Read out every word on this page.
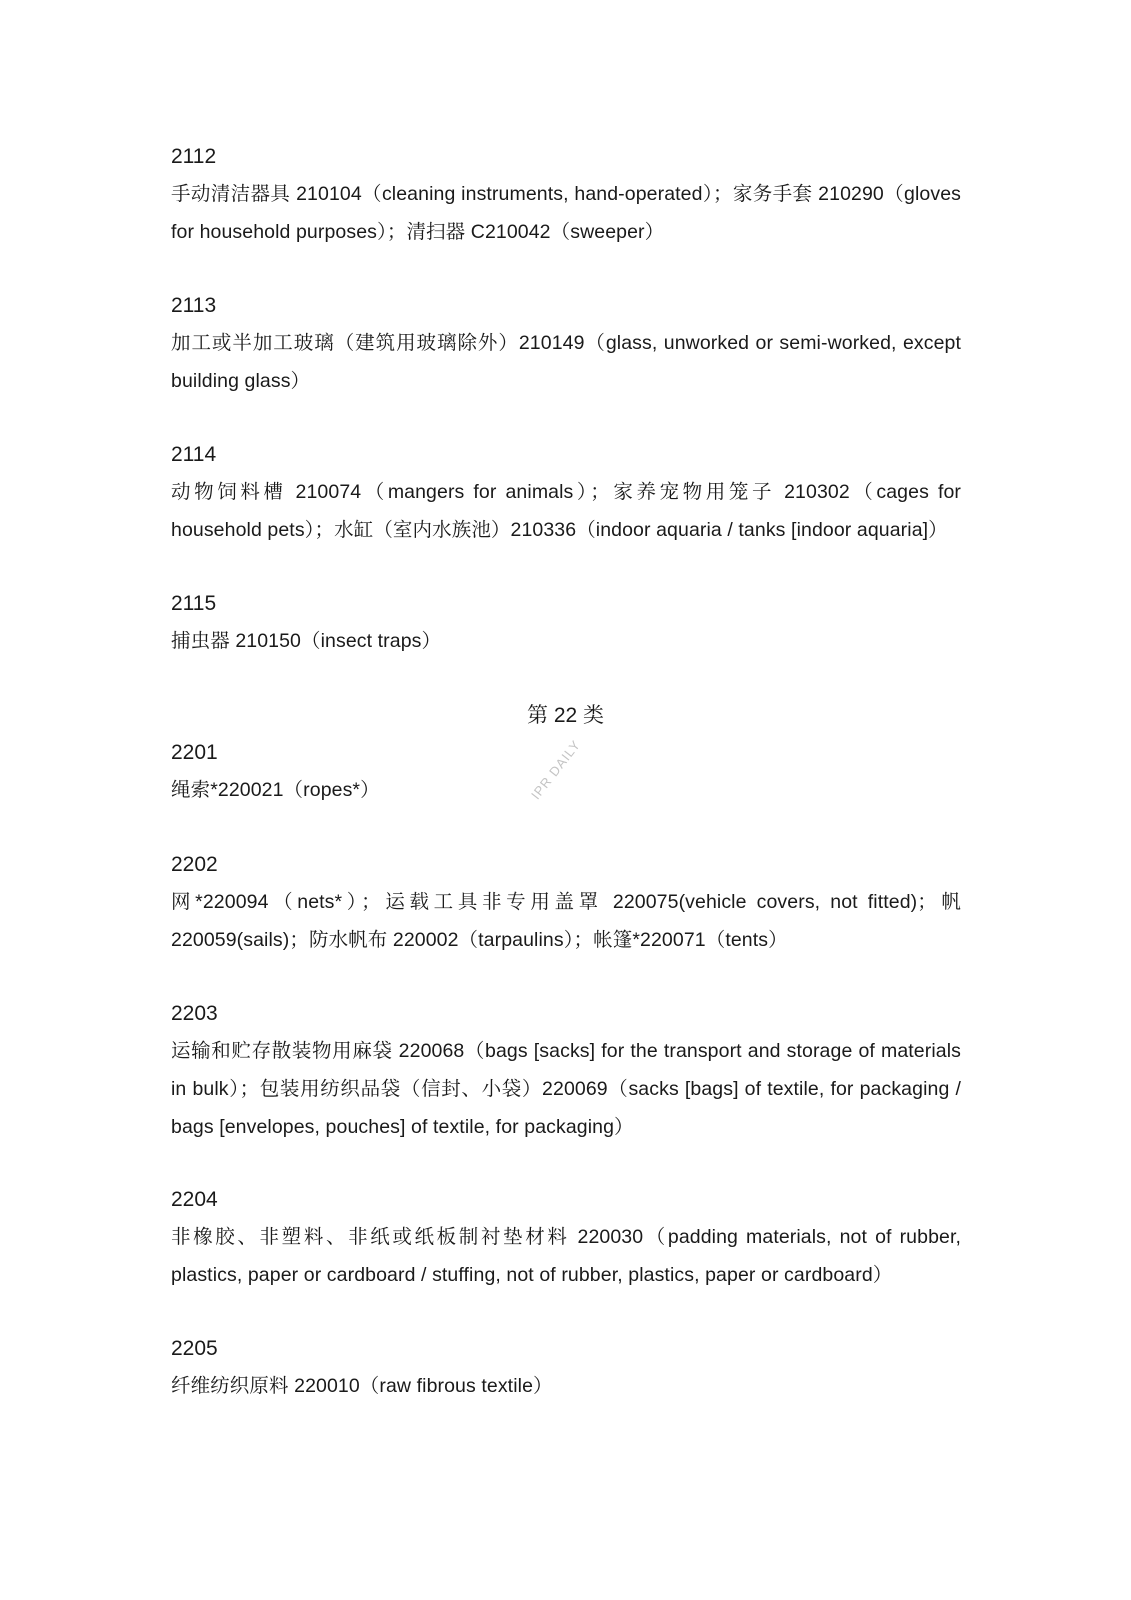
2112
手动清洁器具 210104（cleaning instruments, hand-operated）；家务手套 210290（gloves for household purposes）；清扫器 C210042（sweeper）
2113
加工或半加工玻璃（建筑用玻璃除外）210149（glass, unworked or semi-worked, except building glass）
2114
动物饲料槽 210074（mangers for animals）；家养宠物用笼子 210302（cages for household pets）；水缸（室内水族池）210336（indoor aquaria / tanks [indoor aquaria]）
2115
捕虫器 210150（insect traps）
第 22 类
IPR DAILY
2201
绳索*220021（ropes*）
2202
网*220094（nets*）；运载工具非专用盖罩 220075(vehicle covers, not fitted)；帆 220059(sails)；防水帆布 220002（tarpaulins）；帐篷*220071（tents）
2203
运输和贮存散装物用麻袋 220068（bags [sacks] for the transport and storage of materials in bulk）；包装用纺织品袋（信封、小袋）220069（sacks [bags] of textile, for packaging / bags [envelopes, pouches] of textile, for packaging）
2204
非橡胶、非塑料、非纸或纸板制衬垫材料 220030（padding materials, not of rubber, plastics, paper or cardboard / stuffing, not of rubber, plastics, paper or cardboard）
2205
纤维纺织原料 220010（raw fibrous textile）
